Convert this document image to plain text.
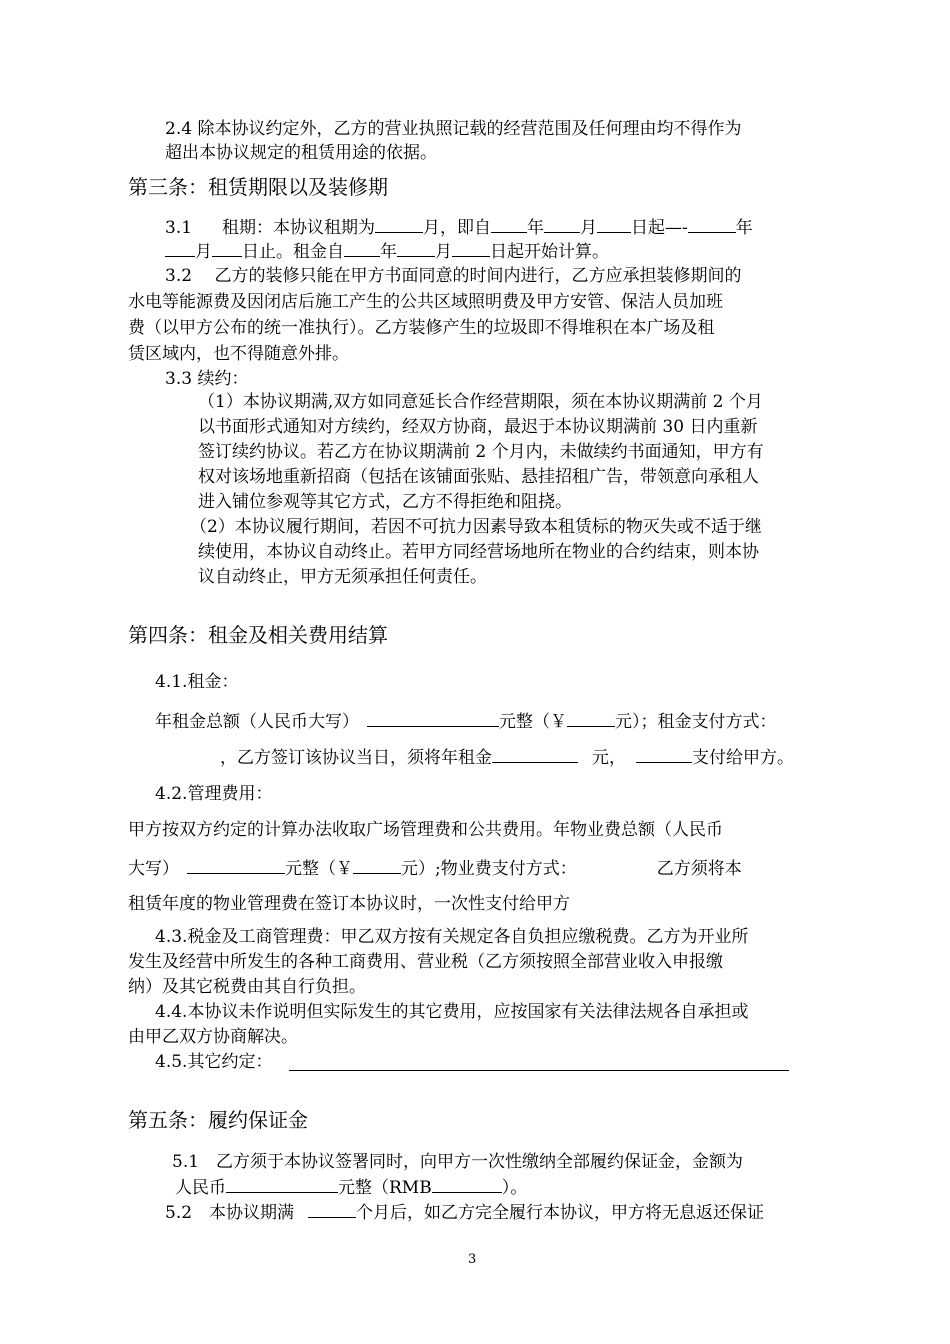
2.4 除本协议约定外，乙方的营业执照记载的经营范围及任何理由均不得作为
超出本协议规定的租赁用途的依据。
第三条：租赁期限以及装修期
3.1 租期：本协议租期为	月，即自 年 月 日起—-	年
月 日止。租金自 年 月 日起开始计算。
3.2　 乙方的装修只能在甲方书面同意的时间内进行，乙方应承担装修期间的
水电等能源费及因闭店后施工产生的公共区域照明费及甲方安管、保洁人员加班
费（以甲方公布的统一准执行）。乙方装修产生的垃圾即不得堆积在本广场及租
赁区域内，也不得随意外排。
3.3 续约：
（1）本协议期满,双方如同意延长合作经营期限，须在本协议期满前 2 个月
以书面形式通知对方续约，经双方协商，最迟于本协议期满前 30 日内重新
签订续约协议。若乙方在协议期满前 2 个月内，未做续约书面通知，甲方有
权对该场地重新招商（包括在该铺面张贴、悬挂招租广告，带领意向承租人
进入铺位参观等其它方式，乙方不得拒绝和阻挠。
（2）本协议履行期间，若因不可抗力因素导致本租赁标的物灭失或不适于继
续使用，本协议自动终止。若甲方同经营场地所在物业的合约结束，则本协
议自动终止，甲方无须承担任何责任。
第四条：租金及相关费用结算
4.1.租金：
年租金总额（人民币大写）	元整（￥	元）；租金支付方式：
，乙方签订该协议当日，须将年租金	元，	支付给甲方。
4.2.管理费用：
甲方按双方约定的计算办法收取广场管理费和公共费用。年物业费总额（人民币
大写）	元整（￥	元）;物业费支付方式：	乙方须将本
租赁年度的物业管理费在签订本协议时，一次性支付给甲方
4.3.税金及工商管理费：甲乙双方按有关规定各自负担应缴税费。乙方为开业所
发生及经营中所发生的各种工商费用、营业税（乙方须按照全部营业收入申报缴
纳）及其它税费由其自行负担。
4.4.本协议未作说明但实际发生的其它费用，应按国家有关法律法规各自承担或
由甲乙双方协商解决。
4.5.其它约定：
第五条：履约保证金
5.1　乙方须于本协议签署同时，向甲方一次性缴纳全部履约保证金，金额为
人民币	元整（RMB	）。
5.2　本协议期满	个月后，如乙方完全履行本协议，甲方将无息返还保证
3
